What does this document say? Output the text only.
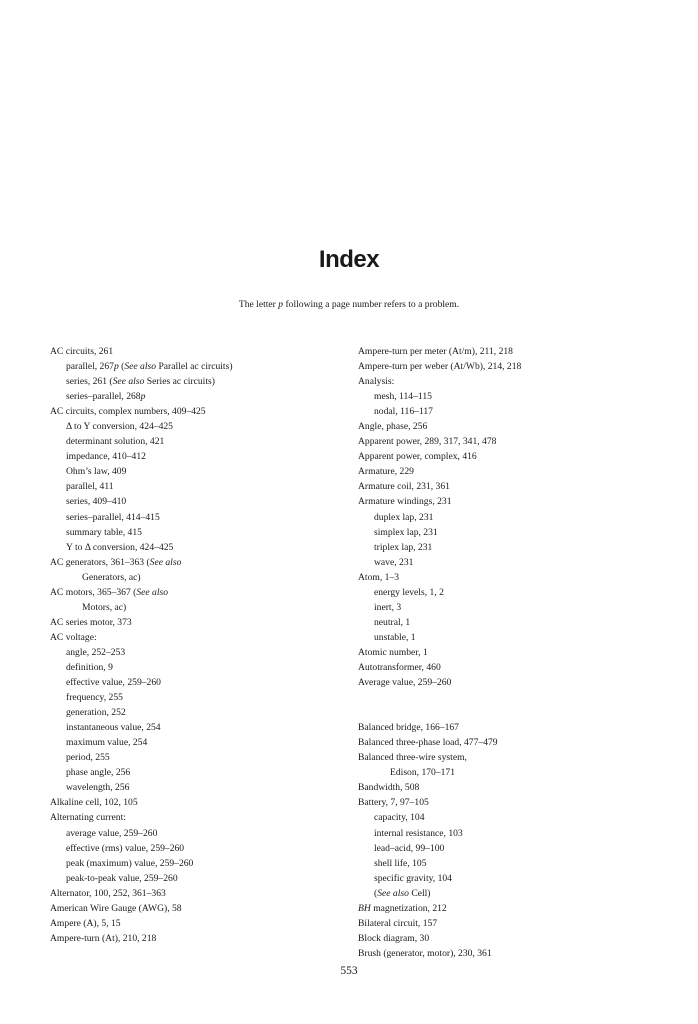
Index
The letter p following a page number refers to a problem.
AC circuits, 261
parallel, 267p (See also Parallel ac circuits)
series, 261 (See also Series ac circuits)
series–parallel, 268p
AC circuits, complex numbers, 409–425
Δ to Y conversion, 424–425
determinant solution, 421
impedance, 410–412
Ohm’s law, 409
parallel, 411
series, 409–410
series–parallel, 414–415
summary table, 415
Y to Δ conversion, 424–425
AC generators, 361–363 (See also
Generators, ac)
AC motors, 365–367 (See also
Motors, ac)
AC series motor, 373
AC voltage:
angle, 252–253
definition, 9
effective value, 259–260
frequency, 255
generation, 252
instantaneous value, 254
maximum value, 254
period, 255
phase angle, 256
wavelength, 256
Alkaline cell, 102, 105
Alternating current:
average value, 259–260
effective (rms) value, 259–260
peak (maximum) value, 259–260
peak-to-peak value, 259–260
Alternator, 100, 252, 361–363
American Wire Gauge (AWG), 58
Ampere (A), 5, 15
Ampere-turn (At), 210, 218
Ampere-turn per meter (At/m), 211, 218
Ampere-turn per weber (At/Wb), 214, 218
Analysis:
mesh, 114–115
nodal, 116–117
Angle, phase, 256
Apparent power, 289, 317, 341, 478
Apparent power, complex, 416
Armature, 229
Armature coil, 231, 361
Armature windings, 231
duplex lap, 231
simplex lap, 231
triplex lap, 231
wave, 231
Atom, 1–3
energy levels, 1, 2
inert, 3
neutral, 1
unstable, 1
Atomic number, 1
Autotransformer, 460
Average value, 259–260
Balanced bridge, 166–167
Balanced three-phase load, 477–479
Balanced three-wire system,
Edison, 170–171
Bandwidth, 508
Battery, 7, 97–105
capacity, 104
internal resistance, 103
lead–acid, 99–100
shell life, 105
specific gravity, 104
(See also Cell)
BH magnetization, 212
Bilateral circuit, 157
Block diagram, 30
Brush (generator, motor), 230, 361
553
